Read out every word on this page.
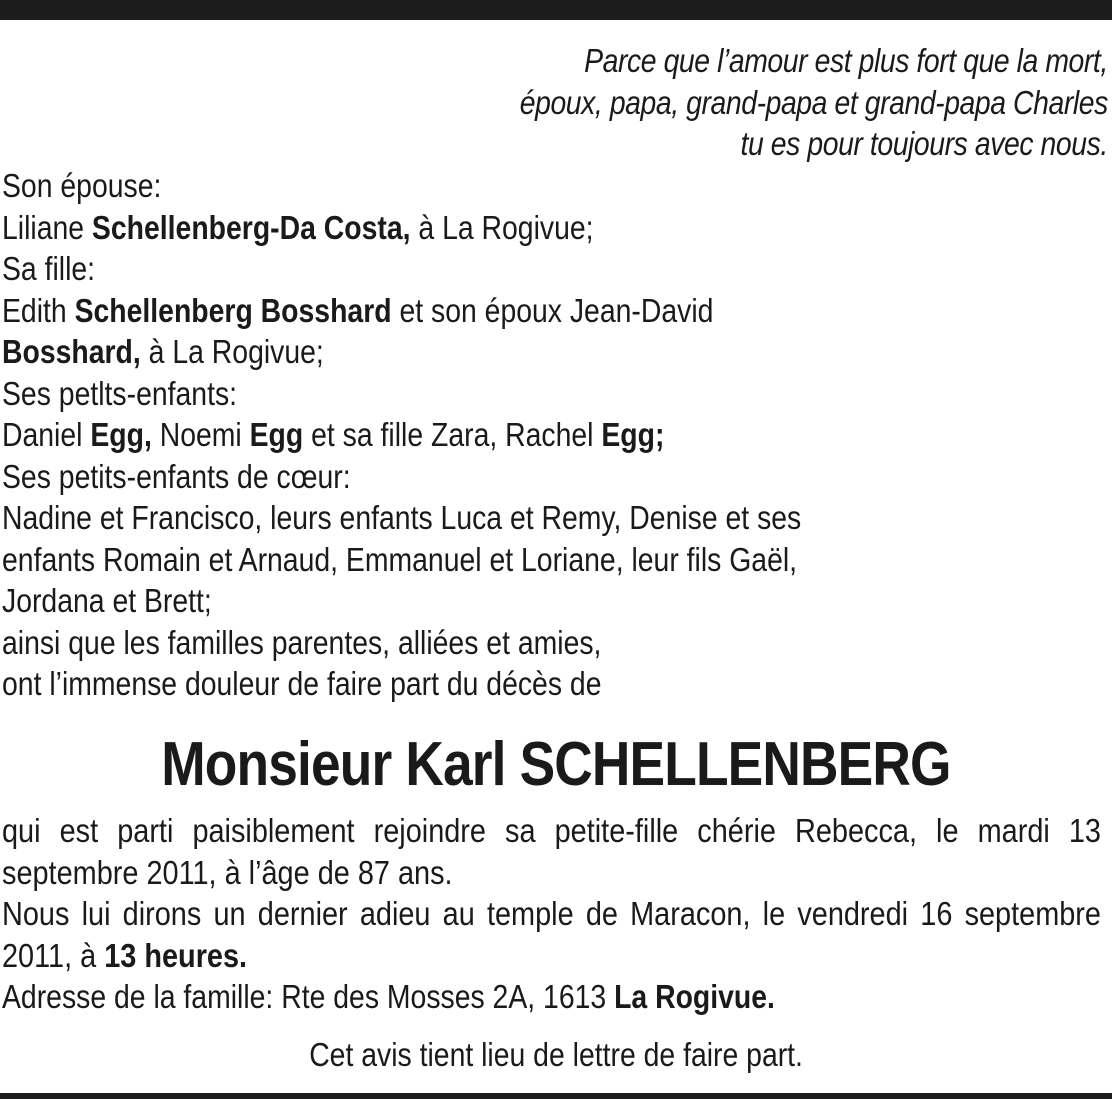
Parce que l’amour est plus fort que la mort,
époux, papa, grand-papa et grand-papa Charles
tu es pour toujours avec nous.
Son épouse:
Liliane Schellenberg-Da Costa, à La Rogivue;
Sa fille:
Edith Schellenberg Bosshard et son époux Jean-David
Bosshard, à La Rogivue;
Ses petlts-enfants:
Daniel Egg, Noemi Egg et sa fille Zara, Rachel Egg;
Ses petits-enfants de cœur:
Nadine et Francisco, leurs enfants Luca et Remy, Denise et ses
enfants Romain et Arnaud, Emmanuel et Loriane, leur fils Gaël,
Jordana et Brett;
ainsi que les familles parentes, alliées et amies,
ont l’immense douleur de faire part du décès de
Monsieur Karl SCHELLENBERG
qui est parti paisiblement rejoindre sa petite-fille chérie Rebecca, le mardi 13 septembre 2011, à l’âge de 87 ans.
Nous lui dirons un dernier adieu au temple de Maracon, le vendredi 16 septembre 2011, à 13 heures.
Adresse de la famille: Rte des Mosses 2A, 1613 La Rogivue.
Cet avis tient lieu de lettre de faire part.
